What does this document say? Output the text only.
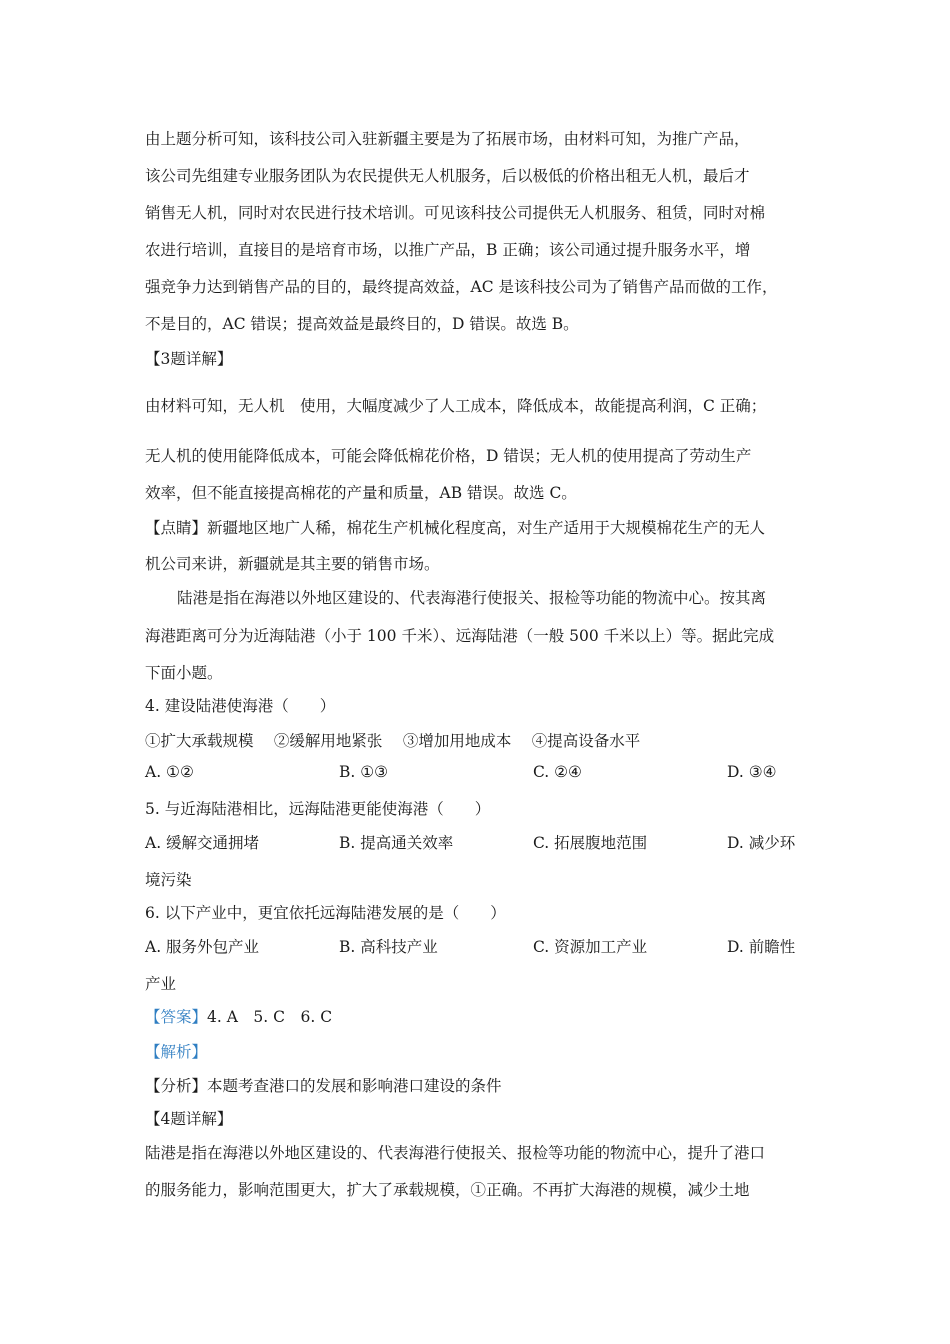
由上题分析可知，该科技公司入驻新疆主要是为了拓展市场，由材料可知，为推广产品，
该公司先组建专业服务团队为农民提供无人机服务，后以极低的价格出租无人机，最后才
销售无人机，同时对农民进行技术培训。可见该科技公司提供无人机服务、租赁，同时对棉
农进行培训，直接目的是培育市场，以推广产品，B 正确；该公司通过提升服务水平，增
强竞争力达到销售产品的目的，最终提高效益，AC 是该科技公司为了销售产品而做的工作，
不是目的，AC 错误；提高效益是最终目的，D 错误。故选 B。
【3题详解】
由材料可知，无人机　使用，大幅度减少了人工成本，降低成本，故能提高利润，C 正确；
无人机的使用能降低成本，可能会降低棉花价格，D 错误；无人机的使用提高了劳动生产
效率，但不能直接提高棉花的产量和质量，AB 错误。故选 C。
【点睛】新疆地区地广人稀，棉花生产机械化程度高，对生产适用于大规模棉花生产的无人
机公司来讲，新疆就是其主要的销售市场。
陆港是指在海港以外地区建设的、代表海港行使报关、报检等功能的物流中心。按其离
海港距离可分为近海陆港（小于 100 千米）、远海陆港（一般 500 千米以上）等。据此完成
下面小题。
4. 建设陆港使海港（　　）
①扩大承载规模　 ②缓解用地紧张　 ③增加用地成本　 ④提高设备水平
A. ①②	B. ①③	C. ②④	D. ③④
5. 与近海陆港相比，远海陆港更能使海港（　　）
A. 缓解交通拥堵	B. 提高通关效率	C. 拓展腹地范围	D. 减少环
境污染
6. 以下产业中，更宜依托远海陆港发展的是（　　）
A. 服务外包产业	B. 高科技产业	C. 资源加工产业	D. 前瞻性
产业
【答案】4. A　5. C　6. C
【解析】
【分析】本题考查港口的发展和影响港口建设的条件
【4题详解】
陆港是指在海港以外地区建设的、代表海港行使报关、报检等功能的物流中心，提升了港口
的服务能力，影响范围更大，扩大了承载规模，①正确。不再扩大海港的规模，减少土地
